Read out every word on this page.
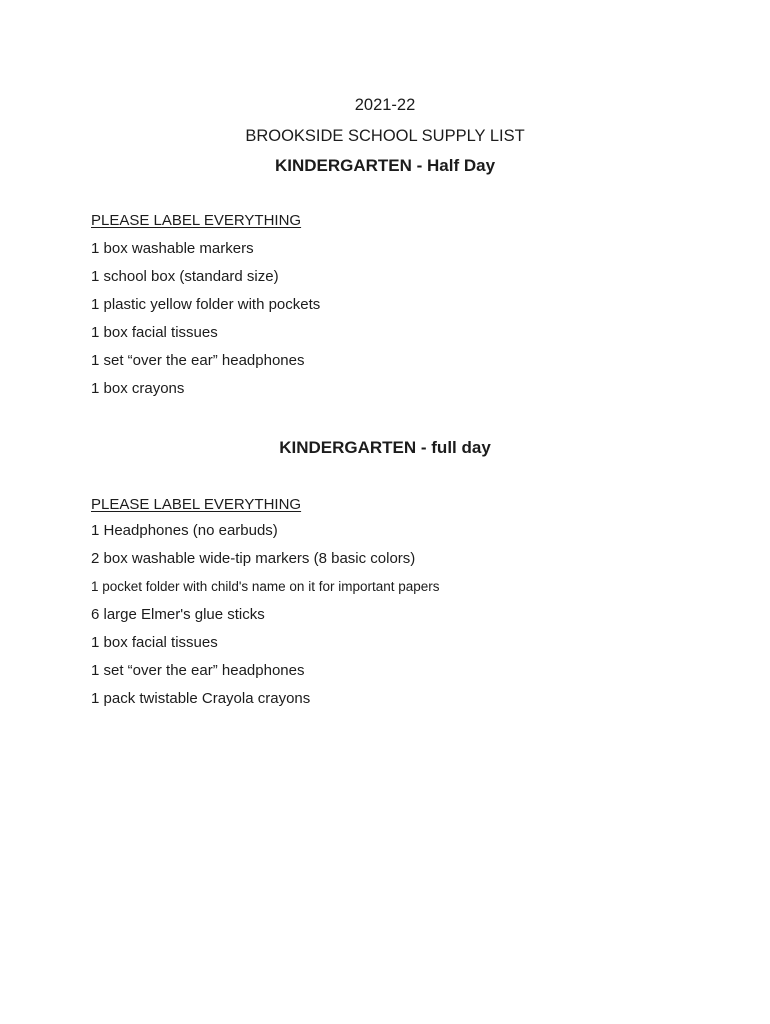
2021-22
BROOKSIDE SCHOOL SUPPLY LIST
KINDERGARTEN - Half Day
PLEASE LABEL EVERYTHING
1 box washable markers
1 school box (standard size)
1 plastic yellow folder with pockets
1 box facial tissues
1 set “over the ear” headphones
1 box crayons
KINDERGARTEN - full day
PLEASE LABEL EVERYTHING
1 Headphones (no earbuds)
2 box washable wide-tip markers (8 basic colors)
1 pocket folder with child's name on it for important papers
6 large Elmer's glue sticks
1 box facial tissues
1 set “over the ear” headphones
1 pack twistable Crayola crayons
